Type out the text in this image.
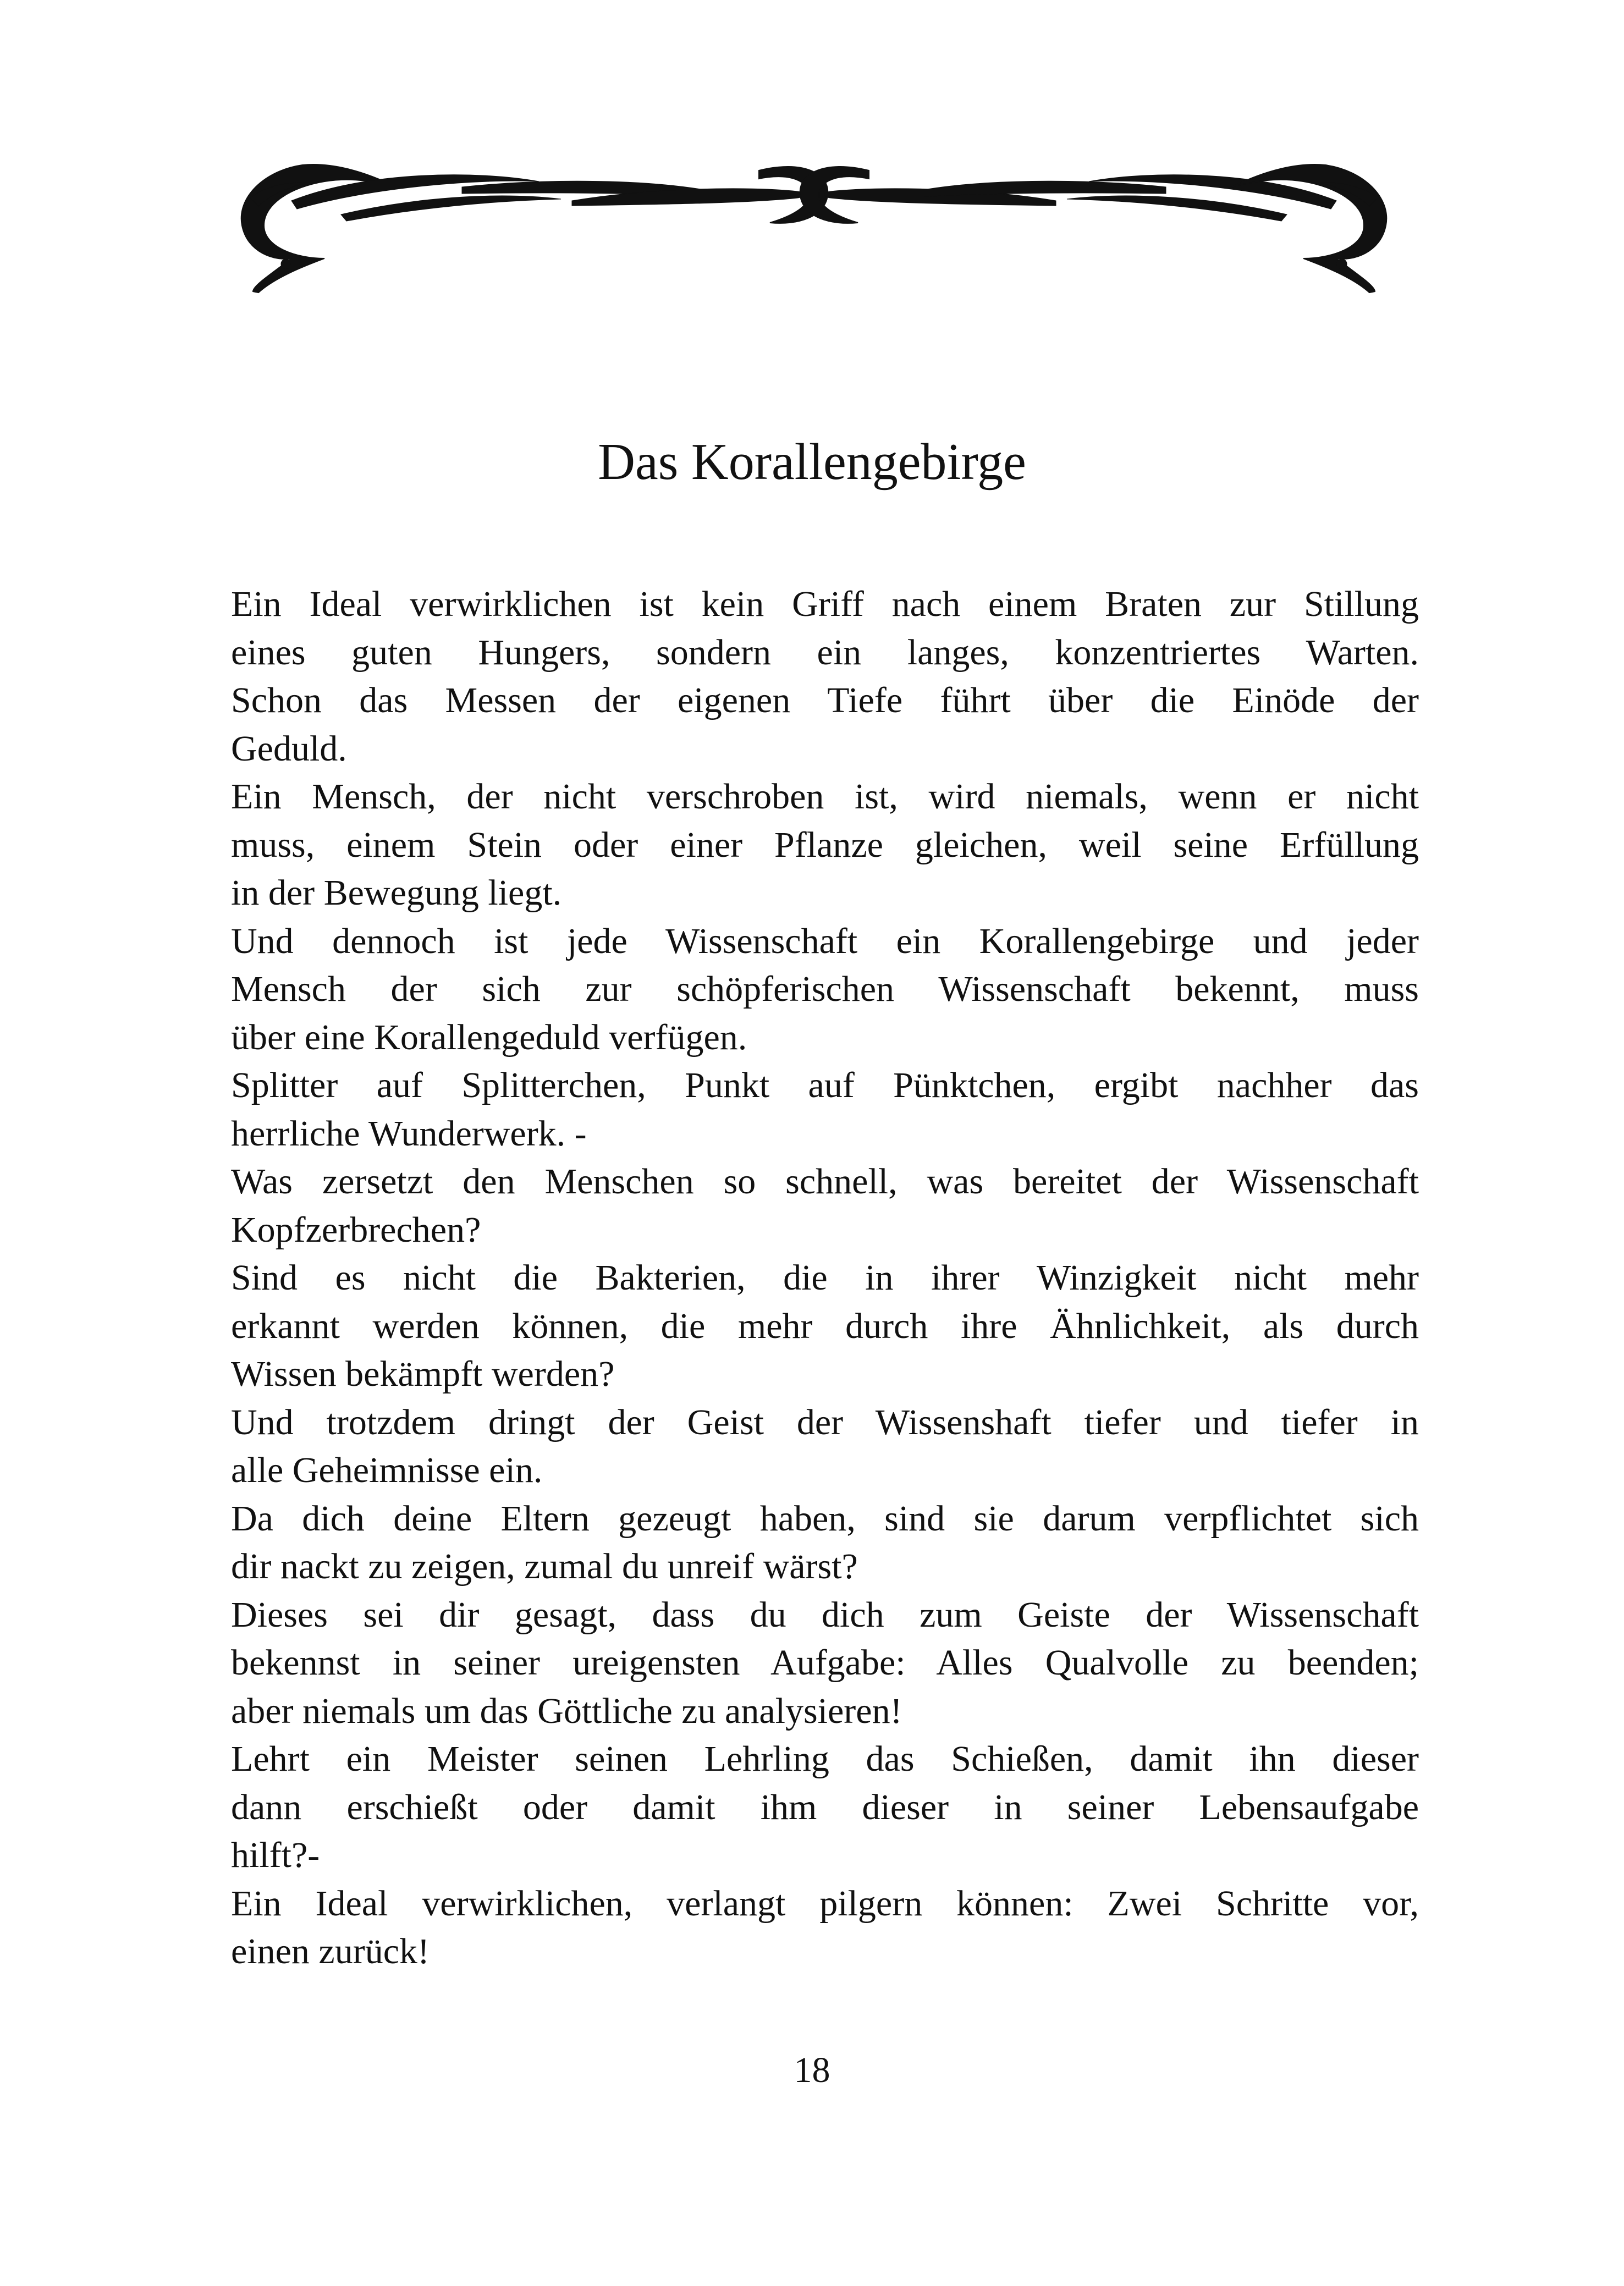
Das Korallengebirge
Ein Ideal verwirklichen ist kein Griff nach einem Braten zur Stillung
eines guten Hungers, sondern ein langes, konzentriertes Warten.
Schon das Messen der eigenen Tiefe führt über die Einöde der
Geduld.
Ein Mensch, der nicht verschroben ist, wird niemals, wenn er nicht
muss, einem Stein oder einer Pflanze gleichen, weil seine Erfüllung
in der Bewegung liegt.
Und dennoch ist jede Wissenschaft ein Korallengebirge und jeder
Mensch der sich zur schöpferischen Wissenschaft bekennt, muss
über eine Korallengeduld verfügen.
Splitter auf Splitterchen, Punkt auf Pünktchen, ergibt nachher das
herrliche Wunderwerk. -
Was zersetzt den Menschen so schnell, was bereitet der Wissenschaft
Kopfzerbrechen?
Sind es nicht die Bakterien, die in ihrer Winzigkeit nicht mehr
erkannt werden können, die mehr durch ihre Ähnlichkeit, als durch
Wissen bekämpft werden?
Und trotzdem dringt der Geist der Wissenshaft tiefer und tiefer in
alle Geheimnisse ein.
Da dich deine Eltern gezeugt haben, sind sie darum verpflichtet sich
dir nackt zu zeigen, zumal du unreif wärst?
Dieses sei dir gesagt, dass du dich zum Geiste der Wissenschaft
bekennst in seiner ureigensten Aufgabe: Alles Qualvolle zu beenden;
aber niemals um das Göttliche zu analysieren!
Lehrt ein Meister seinen Lehrling das Schießen, damit ihn dieser
dann erschießt oder damit ihm dieser in seiner Lebensaufgabe
hilft?-
Ein Ideal verwirklichen, verlangt pilgern können: Zwei Schritte vor,
einen zurück!
18
